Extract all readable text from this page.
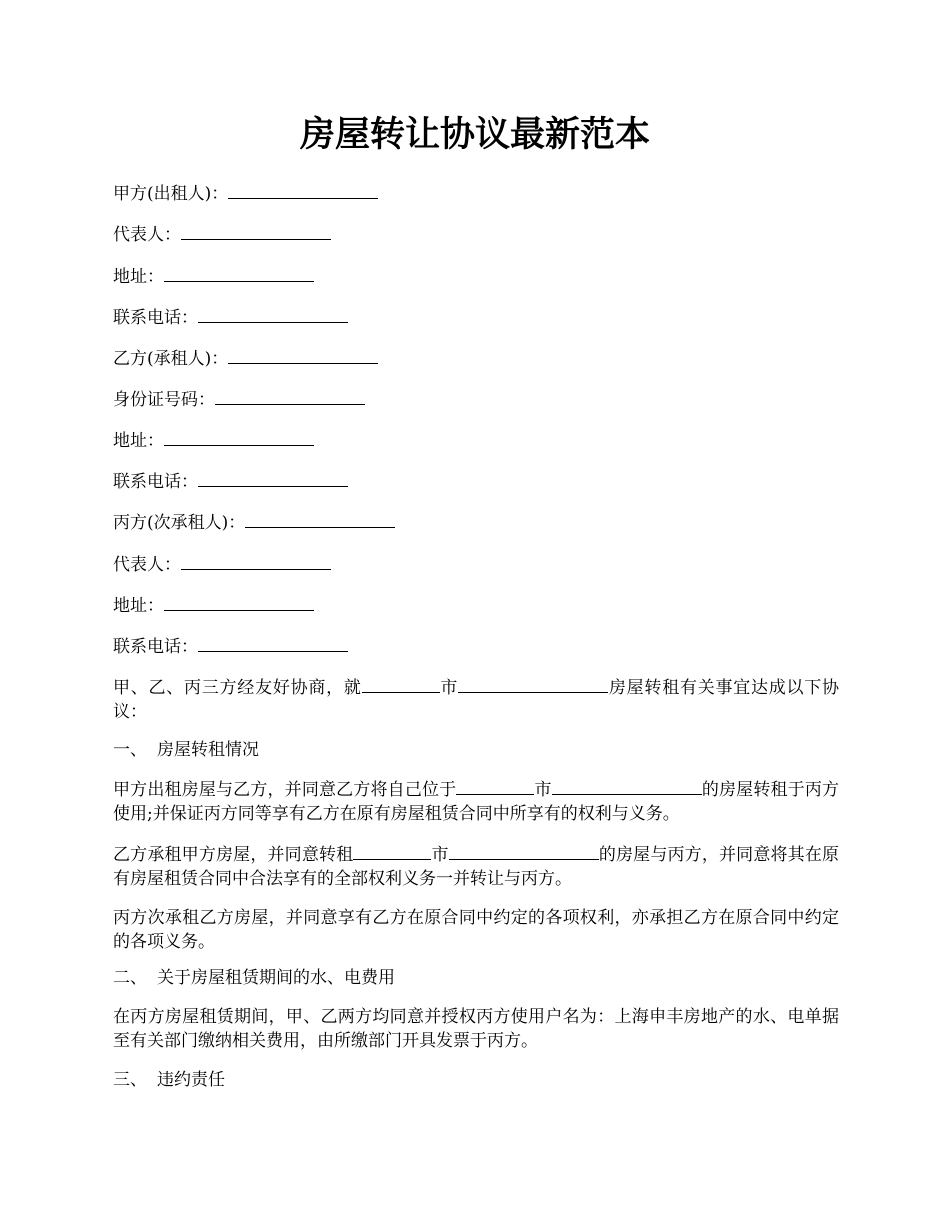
房屋转让协议最新范本
甲方(出租人)：
代表人：
地址：
联系电话：
乙方(承租人)：
身份证号码：
地址：
联系电话：
丙方(次承租人)：
代表人：
地址：
联系电话：
甲、乙、丙三方经友好协商，就	市	房屋转租有关事宜达成以下协议：
一、 房屋转租情况
甲方出租房屋与乙方，并同意乙方将自己位于	市	的房屋转租于丙方使用;并保证丙方同等享有乙方在原有房屋租赁合同中所享有的权利与义务。
乙方承租甲方房屋，并同意转租	市	的房屋与丙方，并同意将其在原有房屋租赁合同中合法享有的全部权利义务一并转让与丙方。
丙方次承租乙方房屋，并同意享有乙方在原合同中约定的各项权利，亦承担乙方在原合同中约定的各项义务。
二、 关于房屋租赁期间的水、电费用
在丙方房屋租赁期间，甲、乙两方均同意并授权丙方使用户名为：上海申丰房地产的水、电单据至有关部门缴纳相关费用，由所缴部门开具发票于丙方。
三、 违约责任
